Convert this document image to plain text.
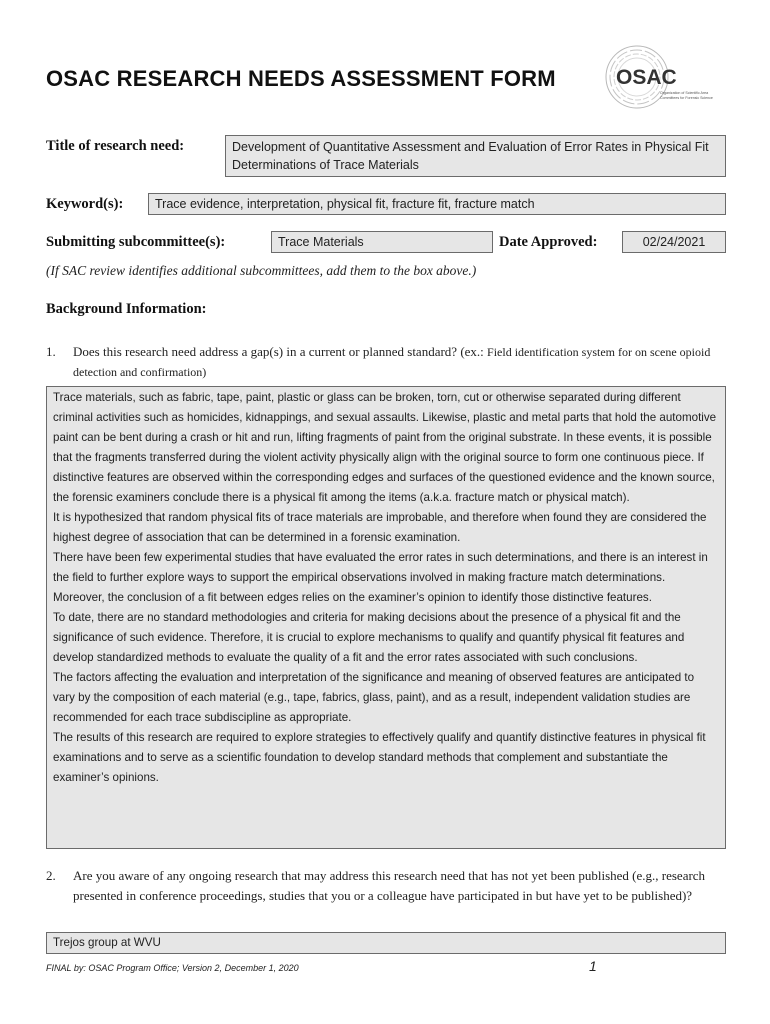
OSAC RESEARCH NEEDS ASSESSMENT FORM	OSAC
Organization of Scientific Area
Committees for Forensic Science
Title of research need:	Development of Quantitative Assessment and Evaluation of Error Rates in Physical Fit Determinations of Trace Materials
Keyword(s):	Trace evidence, interpretation, physical fit, fracture fit, fracture match
Submitting subcommittee(s):	Trace Materials	Date Approved:	02/24/2021
(If SAC review identifies additional subcommittees, add them to the box above.)
Background Information:
1. Does this research need address a gap(s) in a current or planned standard? (ex.: Field identification system for on scene opioid detection and confirmation)

Trace materials, such as fabric, tape, paint, plastic or glass can be broken, torn, cut or otherwise separated during different criminal activities such as homicides, kidnappings, and sexual assaults. Likewise, plastic and metal parts that hold the automotive paint can be bent during a crash or hit and run, lifting fragments of paint from the original substrate. In these events, it is possible that the fragments transferred during the violent activity physically align with the original source to form one continuous piece. If distinctive features are observed within the corresponding edges and surfaces of the questioned evidence and the known source, the forensic examiners conclude there is a physical fit among the items (a.k.a. fracture match or physical match).

It is hypothesized that random physical fits of trace materials are improbable, and therefore when found they are considered the highest degree of association that can be determined in a forensic examination.

There have been few experimental studies that have evaluated the error rates in such determinations, and there is an interest in the field to further explore ways to support the empirical observations involved in making fracture match determinations. Moreover, the conclusion of a fit between edges relies on the examiner’s opinion to identify those distinctive features.

To date, there are no standard methodologies and criteria for making decisions about the presence of a physical fit and the significance of such evidence. Therefore, it is crucial to explore mechanisms to qualify and quantify physical fit features and develop standardized methods to evaluate the quality of a fit and the error rates associated with such conclusions.

The factors affecting the evaluation and interpretation of the significance and meaning of observed features are anticipated to vary by the composition of each material (e.g., tape, fabrics, glass, paint), and as a result, independent validation studies are recommended for each trace subdiscipline as appropriate.

The results of this research are required to explore strategies to effectively qualify and quantify distinctive features in physical fit examinations and to serve as a scientific foundation to develop standard methods that complement and substantiate the examiner’s opinions.

2. Are you aware of any ongoing research that may address this research need that has not yet been published (e.g., research presented in conference proceedings, studies that you or a colleague have participated in but have yet to be published)?
Trejos group at WVU
FINAL by: OSAC Program Office; Version 2, December 1, 2020	1
